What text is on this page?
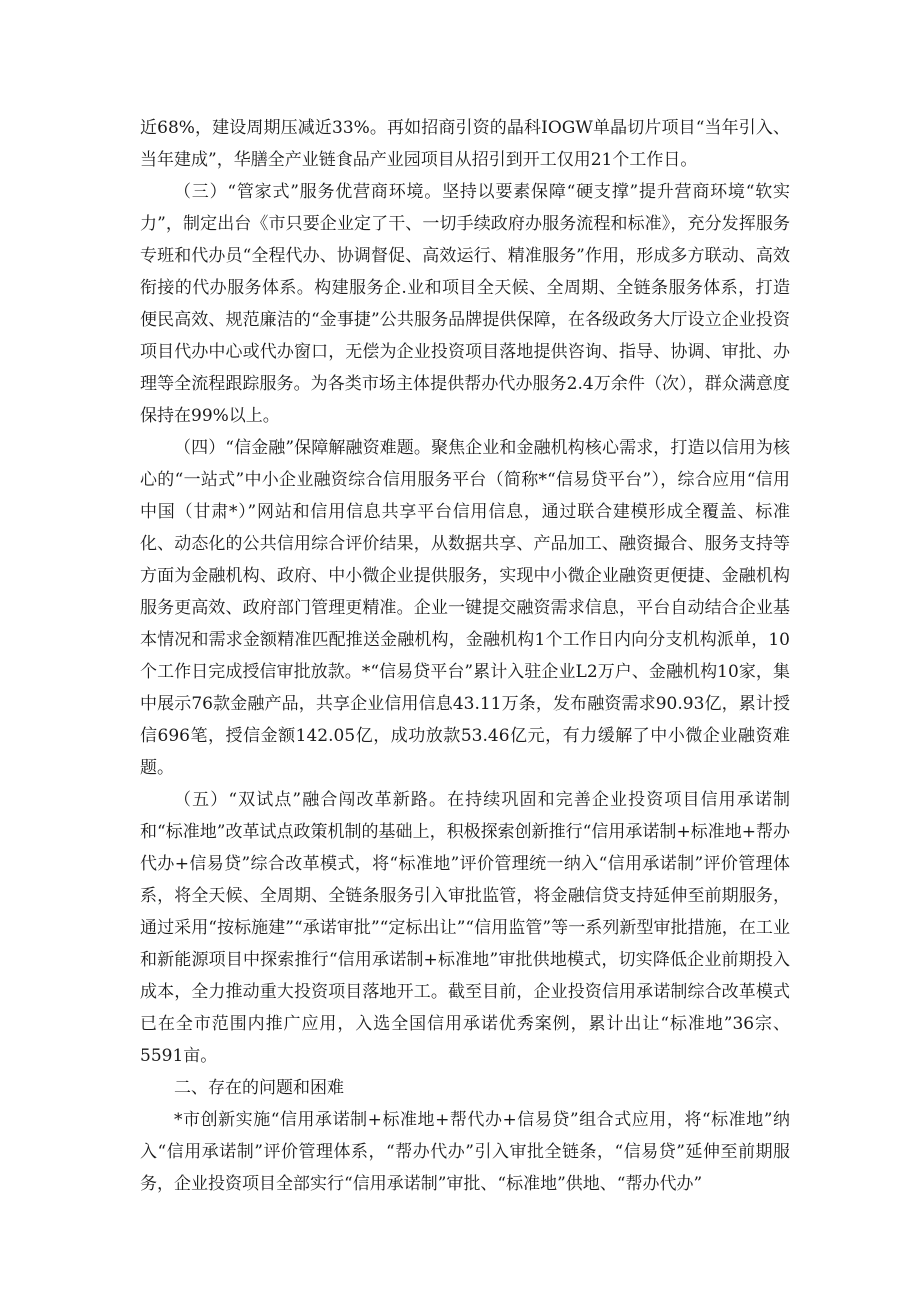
近68%，建设周期压减近33%。再如招商引资的晶科IOGW单晶切片项目“当年引入、当年建成”，华膳全产业链食品产业园项目从招引到开工仅用21个工作日。

（三）“管家式”服务优营商环境。坚持以要素保障“硬支撑”提升营商环境“软实力”，制定出台《市只要企业定了干、一切手续政府办服务流程和标准》，充分发挥服务专班和代办员“全程代办、协调督促、高效运行、精准服务”作用，形成多方联动、高效衔接的代办服务体系。构建服务企.业和项目全天候、全周期、全链条服务体系，打造便民高效、规范廉洁的“金事捷”公共服务品牌提供保障，在各级政务大厅设立企业投资项目代办中心或代办窗口，无偿为企业投资项目落地提供咨询、指导、协调、审批、办理等全流程跟踪服务。为各类市场主体提供帮办代办服务2.4万余件（次），群众满意度保持在99%以上。

（四）“信金融”保障解融资难题。聚焦企业和金融机构核心需求，打造以信用为核心的“一站式”中小企业融资综合信用服务平台（简称*“信易贷平台”），综合应用“信用中国（甘肃*）”网站和信用信息共享平台信用信息，通过联合建模形成全覆盖、标准化、动态化的公共信用综合评价结果，从数据共享、产品加工、融资撮合、服务支持等方面为金融机构、政府、中小微企业提供服务，实现中小微企业融资更便捷、金融机构服务更高效、政府部门管理更精准。企业一键提交融资需求信息，平台自动结合企业基本情况和需求金额精准匹配推送金融机构，金融机构1个工作日内向分支机构派单，10个工作日完成授信审批放款。*“信易贷平台”累计入驻企业L2万户、金融机构10家，集中展示76款金融产品，共享企业信用信息43.11万条，发布融资需求90.93亿，累计授信696笔，授信金额142.05亿，成功放款53.46亿元，有力缓解了中小微企业融资难题。

（五）“双试点”融合闯改革新路。在持续巩固和完善企业投资项目信用承诺制和“标准地”改革试点政策机制的基础上，积极探索创新推行“信用承诺制+标准地+帮办代办+信易贷”综合改革模式，将“标准地”评价管理统一纳入“信用承诺制”评价管理体系，将全天候、全周期、全链条服务引入审批监管，将金融信贷支持延伸至前期服务，通过采用“按标施建”“承诺审批”“定标出让”“信用监管”等一系列新型审批措施，在工业和新能源项目中探索推行“信用承诺制+标准地”审批供地模式，切实降低企业前期投入成本，全力推动重大投资项目落地开工。截至目前，企业投资信用承诺制综合改革模式已在全市范围内推广应用，入选全国信用承诺优秀案例，累计出让“标准地”36宗、5591亩。

二、存在的问题和困难

*市创新实施“信用承诺制+标准地+帮代办+信易贷”组合式应用，将“标准地”纳入“信用承诺制”评价管理体系，“帮办代办”引入审批全链条，“信易贷”延伸至前期服务，企业投资项目全部实行“信用承诺制”审批、“标准地”供地、“帮办代办”
